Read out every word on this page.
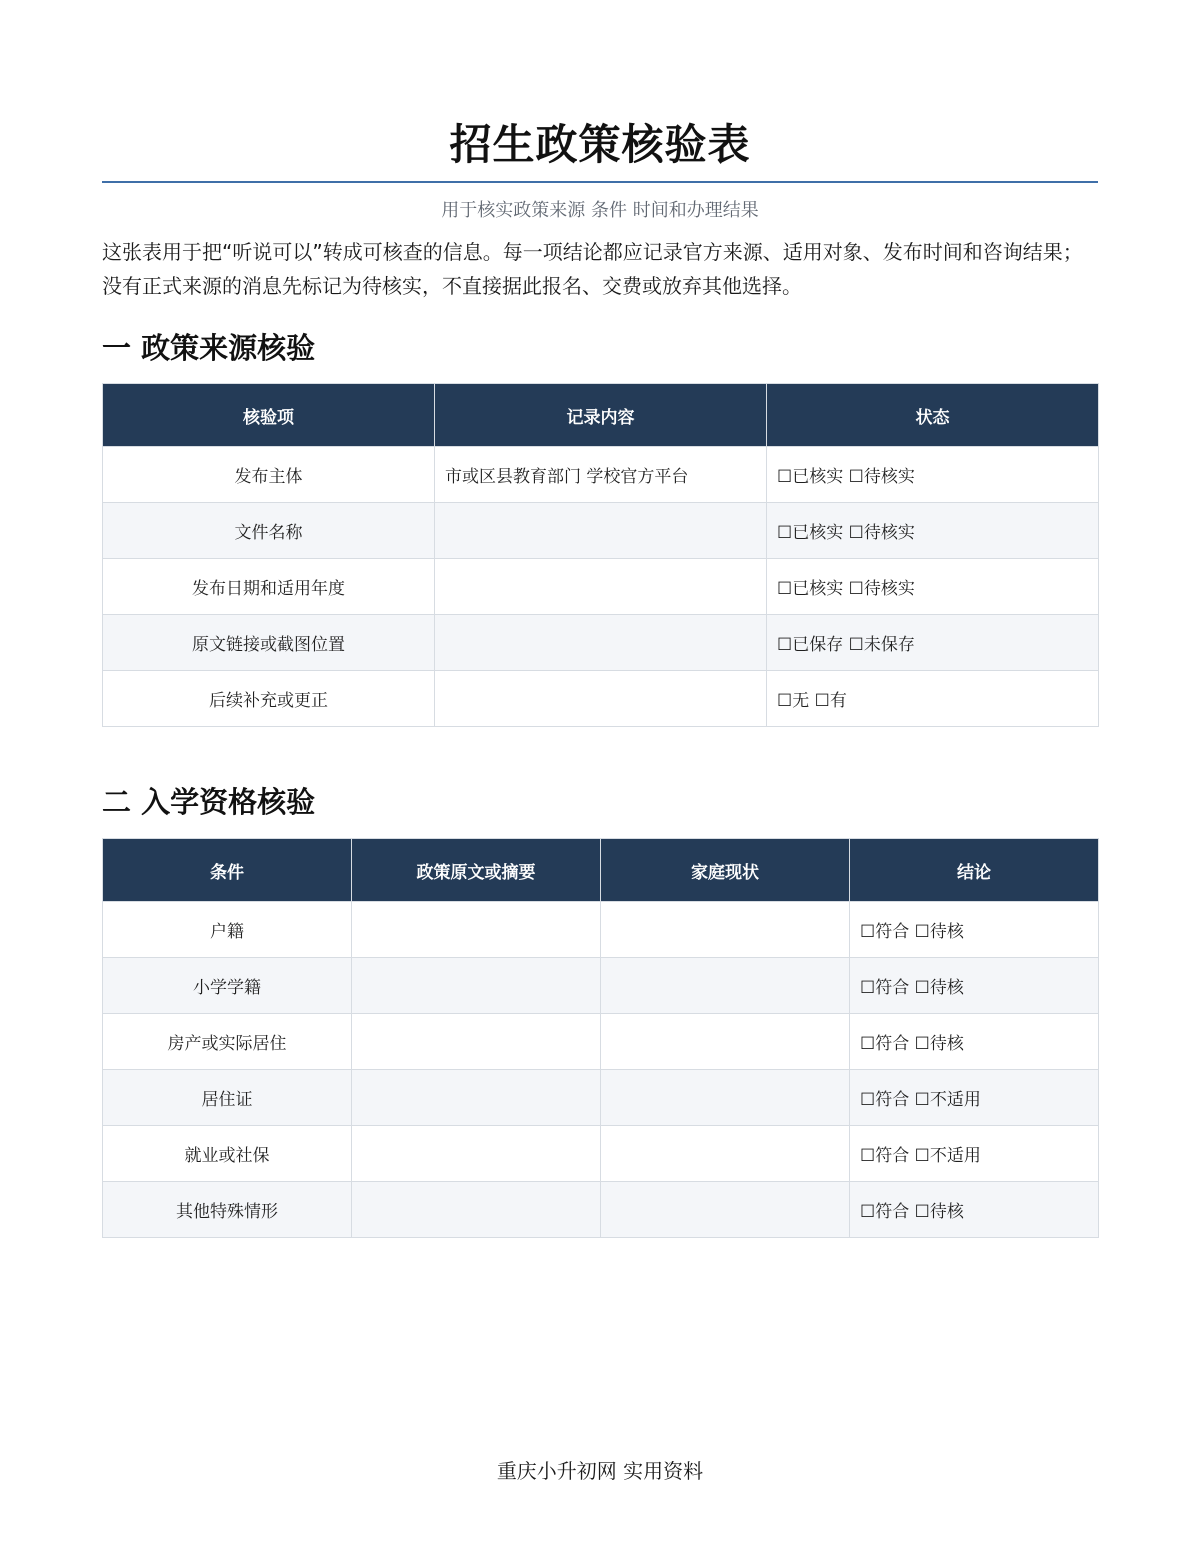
招生政策核验表
用于核实政策来源 条件 时间和办理结果
这张表用于把“听说可以”转成可核查的信息。每一项结论都应记录官方来源、适用对象、发布时间和咨询结果；没有正式来源的消息先标记为待核实，不直接据此报名、交费或放弃其他选择。
一 政策来源核验
核验项	记录内容	状态
发布主体	市或区县教育部门 学校官方平台	☐已核实 ☐待核实
文件名称		☐已核实 ☐待核实
发布日期和适用年度		☐已核实 ☐待核实
原文链接或截图位置		☐已保存 ☐未保存
后续补充或更正		☐无 ☐有
二 入学资格核验
条件	政策原文或摘要	家庭现状	结论
户籍			☐符合 ☐待核
小学学籍			☐符合 ☐待核
房产或实际居住			☐符合 ☐待核
居住证			☐符合 ☐不适用
就业或社保			☐符合 ☐不适用
其他特殊情形			☐符合 ☐待核
重庆小升初网 实用资料
